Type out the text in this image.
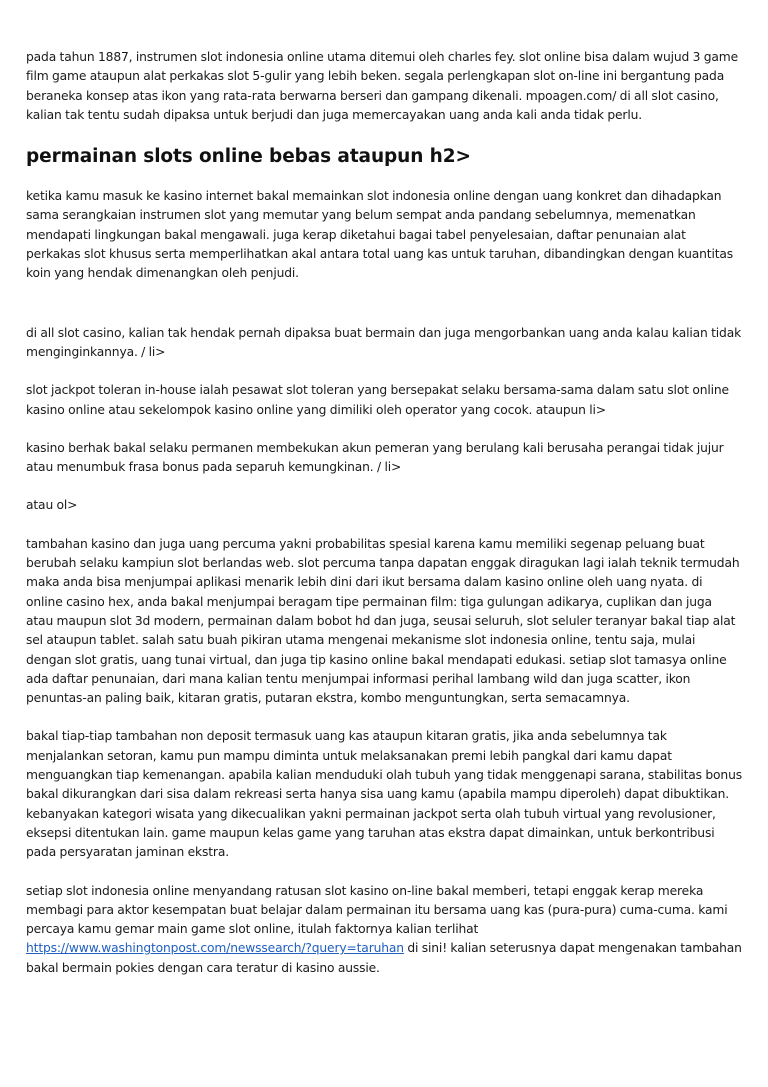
pada tahun 1887, instrumen slot indonesia online utama ditemui oleh charles fey. slot online bisa dalam wujud 3 game film game ataupun alat perkakas slot 5-gulir yang lebih beken. segala perlengkapan slot on-line ini bergantung pada beraneka konsep atas ikon yang rata-rata berwarna berseri dan gampang dikenali. mpoagen.com/ di all slot casino, kalian tak tentu sudah dipaksa untuk berjudi dan juga memercayakan uang anda kali anda tidak perlu.

permainan slots online bebas ataupun h2>

ketika kamu masuk ke kasino internet bakal memainkan slot indonesia online dengan uang konkret dan dihadapkan sama serangkaian instrumen slot yang memutar yang belum sempat anda pandang sebelumnya, memenatkan mendapati lingkungan bakal mengawali. juga kerap diketahui bagai tabel penyelesaian, daftar penunaian alat perkakas slot khusus serta memperlihatkan akal antara total uang kas untuk taruhan, dibandingkan dengan kuantitas koin yang hendak dimenangkan oleh penjudi.

di all slot casino, kalian tak hendak pernah dipaksa buat bermain dan juga mengorbankan uang anda kalau kalian tidak menginginkannya. / li>

slot jackpot toleran in-house ialah pesawat slot toleran yang bersepakat selaku bersama-sama dalam satu slot online kasino online atau sekelompok kasino online yang dimiliki oleh operator yang cocok. ataupun li>

kasino berhak bakal selaku permanen membekukan akun pemeran yang berulang kali berusaha perangai tidak jujur atau menumbuk frasa bonus pada separuh kemungkinan. / li>

atau ol>

tambahan kasino dan juga uang percuma yakni probabilitas spesial karena kamu memiliki segenap peluang buat berubah selaku kampiun slot berlandas web. slot percuma tanpa dapatan enggak diragukan lagi ialah teknik termudah maka anda bisa menjumpai aplikasi menarik lebih dini dari ikut bersama dalam kasino online oleh uang nyata. di online casino hex, anda bakal menjumpai beragam tipe permainan film: tiga gulungan adikarya, cuplikan dan juga atau maupun slot 3d modern, permainan dalam bobot hd dan juga, seusai seluruh, slot seluler teranyar bakal tiap alat sel ataupun tablet. salah satu buah pikiran utama mengenai mekanisme slot indonesia online, tentu saja, mulai dengan slot gratis, uang tunai virtual, dan juga tip kasino online bakal mendapati edukasi. setiap slot tamasya online ada daftar penunaian, dari mana kalian tentu menjumpai informasi perihal lambang wild dan juga scatter, ikon penuntas-an paling baik, kitaran gratis, putaran ekstra, kombo menguntungkan, serta semacamnya.

bakal tiap-tiap tambahan non deposit termasuk uang kas ataupun kitaran gratis, jika anda sebelumnya tak menjalankan setoran, kamu pun mampu diminta untuk melaksanakan premi lebih pangkal dari kamu dapat menguangkan tiap kemenangan. apabila kalian menduduki olah tubuh yang tidak menggenapi sarana, stabilitas bonus bakal dikurangkan dari sisa dalam rekreasi serta hanya sisa uang kamu (apabila mampu diperoleh) dapat dibuktikan. kebanyakan kategori wisata yang dikecualikan yakni permainan jackpot serta olah tubuh virtual yang revolusioner, eksepsi ditentukan lain. game maupun kelas game yang taruhan atas ekstra dapat dimainkan, untuk berkontribusi pada persyaratan jaminan ekstra.

setiap slot indonesia online menyandang ratusan slot kasino on-line bakal memberi, tetapi enggak kerap mereka membagi para aktor kesempatan buat belajar dalam permainan itu bersama uang kas (pura-pura) cuma-cuma. kami percaya kamu gemar main game slot online, itulah faktornya kalian terlihat https://www.washingtonpost.com/newssearch/?query=taruhan di sini! kalian seterusnya dapat mengenakan tambahan bakal bermain pokies dengan cara teratur di kasino aussie.
